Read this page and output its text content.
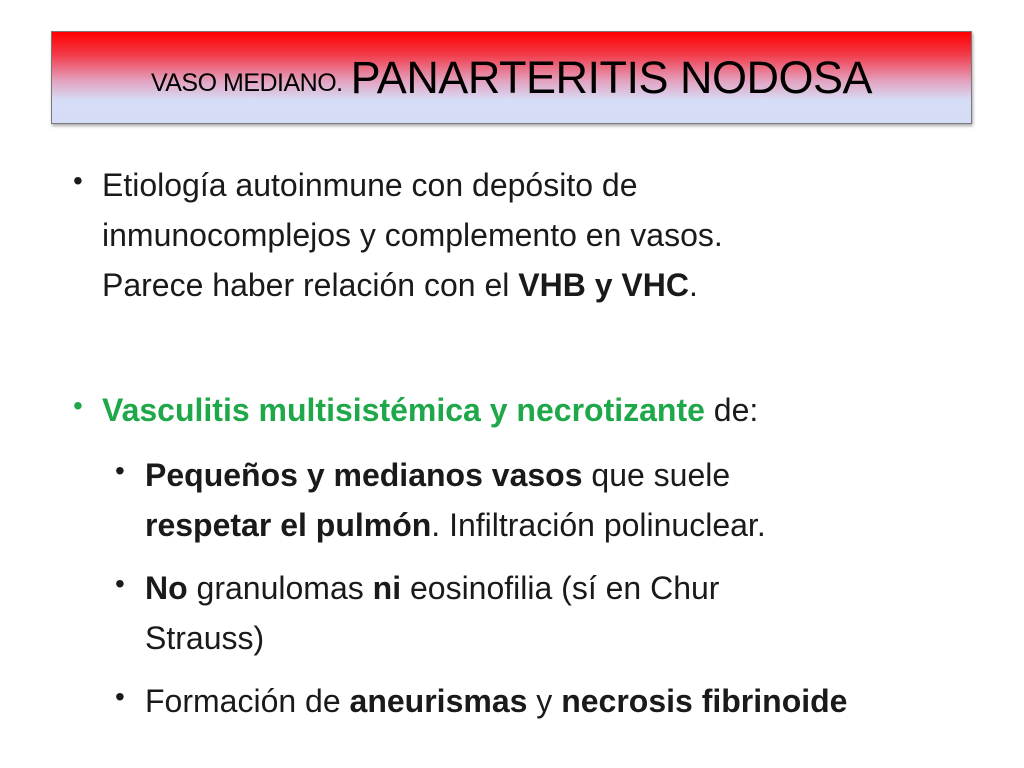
VASO MEDIANO. PANARTERITIS NODOSA
• Etiología autoinmune con depósito de
inmunocomplejos y complemento en vasos.
Parece haber relación con el VHB y VHC.
• Vasculitis multisistémica y necrotizante de:
• Pequeños y medianos vasos que suele
respetar el pulmón. Infiltración polinuclear.
• No granulomas ni eosinofilia (sí en Chur
Strauss)
• Formación de aneurismas y necrosis fibrinoide
